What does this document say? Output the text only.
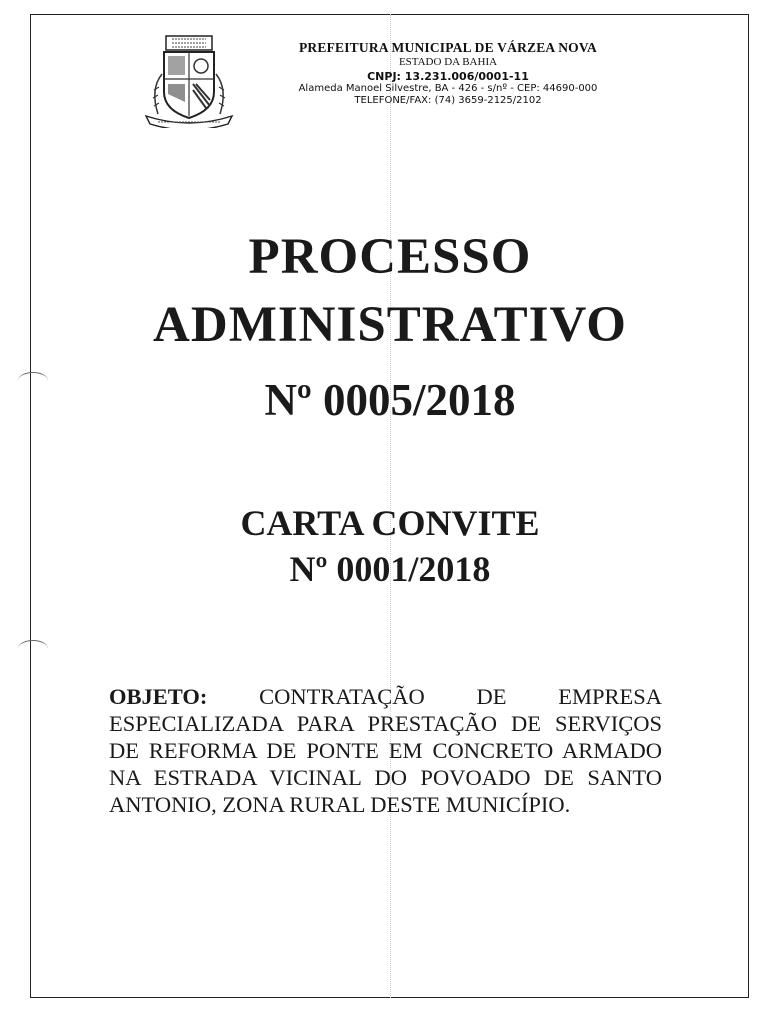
PREFEITURA MUNICIPAL DE VÁRZEA NOVA
ESTADO DA BAHIA
CNPJ: 13.231.006/0001-11
Alameda Manoel Silvestre, BA - 426 - s/nº - CEP: 44690-000
TELEFONE/FAX: (74) 3659-2125/2102
PROCESSO
ADMINISTRATIVO
Nº 0005/2018
CARTA CONVITE
Nº 0001/2018
OBJETO: CONTRATAÇÃO DE EMPRESA ESPECIALIZADA PARA PRESTAÇÃO DE SERVIÇOS DE REFORMA DE PONTE EM CONCRETO ARMADO NA ESTRADA VICINAL DO POVOADO DE SANTO ANTONIO, ZONA RURAL DESTE MUNICÍPIO.
